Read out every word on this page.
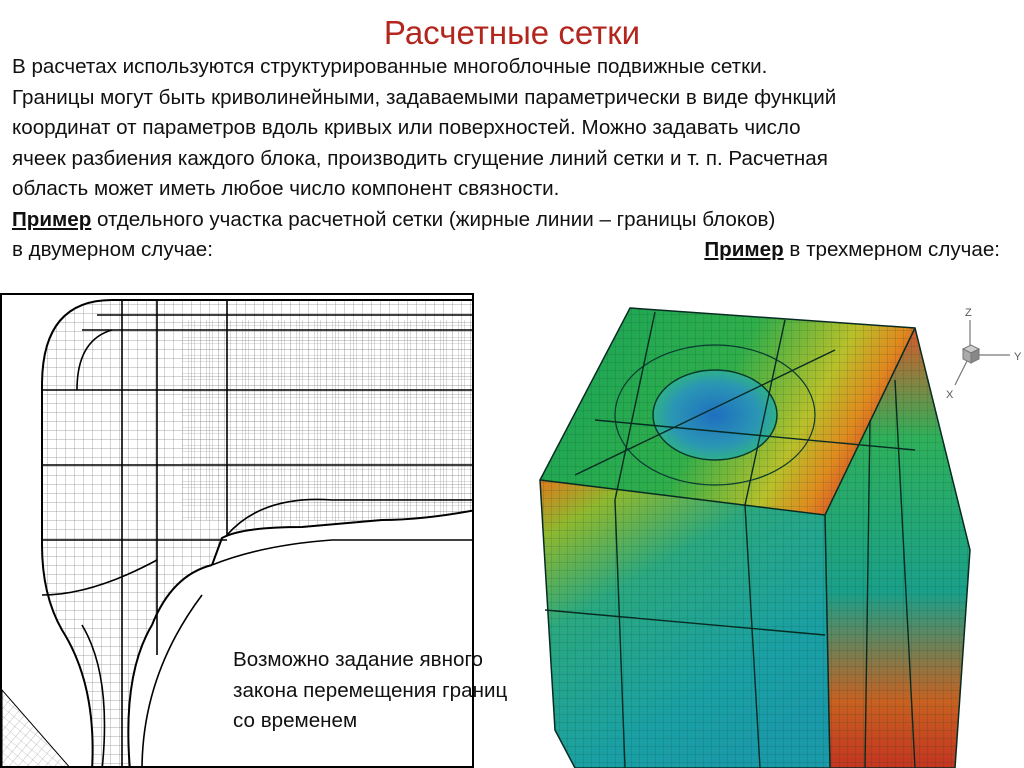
Расчетные сетки

В расчетах используются структурированные многоблочные подвижные сетки.

Границы могут быть криволинейными, задаваемыми параметрически в виде функций

координат от параметров вдоль кривых или поверхностей. Можно задавать число

ячеек разбиения каждого блока, производить сгущение линий сетки и т. п. Расчетная

область может иметь любое число компонент связности.

Пример отдельного участка расчетной сетки (жирные линии – границы блоков)

в двумерном случае:	Пример в трехмерном случае:
Возможно задание явного
закона перемещения границ
со временем
Z
Y
X
